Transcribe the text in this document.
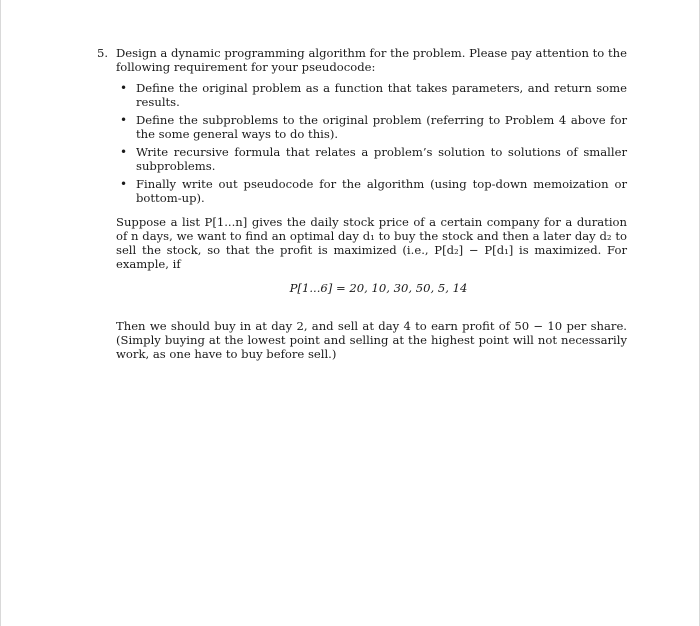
5. Design a dynamic programming algorithm for the problem. Please pay attention to the following requirement for your pseudocode:
• Define the original problem as a function that takes parameters, and return some results.
• Define the subproblems to the original problem (referring to Problem 4 above for the some general ways to do this).
• Write recursive formula that relates a problem’s solution to solutions of smaller subproblems.
• Finally write out pseudocode for the algorithm (using top-down memoization or bottom-up).

Suppose a list P[1...n] gives the daily stock price of a certain company for a duration of n days, we want to find an optimal day d₁ to buy the stock and then a later day d₂ to sell the stock, so that the profit is maximized (i.e., P[d₂] − P[d₁] is maximized. For example, if

P[1...6] = 20, 10, 30, 50, 5, 14

Then we should buy in at day 2, and sell at day 4 to earn profit of 50 − 10 per share. (Simply buying at the lowest point and selling at the highest point will not necessarily work, as one have to buy before sell.)
